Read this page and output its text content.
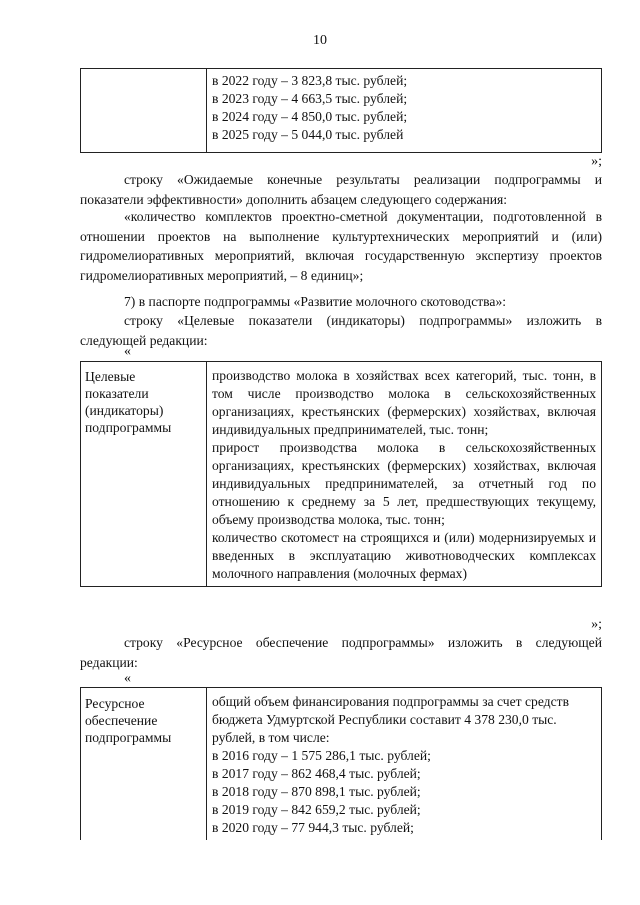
10
в 2022 году – 3 823,8 тыс. рублей;
в 2023 году – 4 663,5 тыс. рублей;
в 2024 году – 4 850,0 тыс. рублей;
в 2025 году – 5 044,0 тыс. рублей
»;
строку «Ожидаемые конечные результаты реализации подпрограммы и показатели эффективности» дополнить абзацем следующего содержания:
«количество комплектов проектно-сметной документации, подготовленной в отношении проектов на выполнение культуртехнических мероприятий и (или) гидромелиоративных мероприятий, включая государственную экспертизу проектов гидромелиоративных мероприятий, – 8 единиц»;
7) в паспорте подпрограммы «Развитие молочного скотоводства»:
строку «Целевые показатели (индикаторы) подпрограммы» изложить в следующей редакции:
«
Целевые показатели (индикаторы) подпрограммы
производство молока в хозяйствах всех категорий, тыс. тонн, в том числе производство молока в сельскохозяйственных организациях, крестьянских (фермерских) хозяйствах, включая индивидуальных предпринимателей, тыс. тонн;
прирост производства молока в сельскохозяйственных организациях, крестьянских (фермерских) хозяйствах, включая индивидуальных предпринимателей, за отчетный год по отношению к среднему за 5 лет, предшествующих текущему, объему производства молока, тыс. тонн;
количество скотомест на строящихся и (или) модернизируемых и введенных в эксплуатацию животноводческих комплексах молочного направления (молочных фермах)
»;
строку «Ресурсное обеспечение подпрограммы» изложить в следующей редакции:
«
Ресурсное обеспечение подпрограммы
общий объем финансирования подпрограммы за счет средств бюджета Удмуртской Республики составит 4 378 230,0 тыс. рублей, в том числе:
в 2016 году – 1 575 286,1 тыс. рублей;
в 2017 году – 862 468,4 тыс. рублей;
в 2018 году – 870 898,1 тыс. рублей;
в 2019 году – 842 659,2 тыс. рублей;
в 2020 году – 77 944,3 тыс. рублей;
